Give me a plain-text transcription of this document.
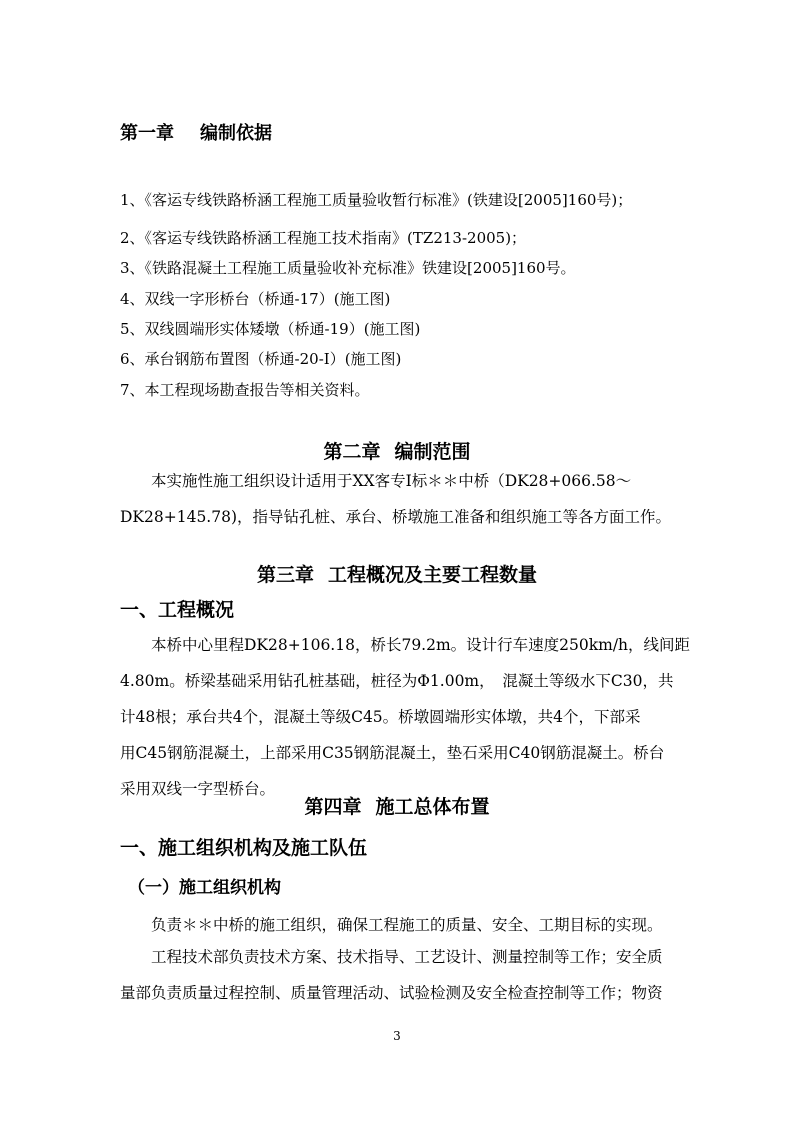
第一章 编制依据

1、《客运专线铁路桥涵工程施工质量验收暂行标准》(铁建设[2005]160号)；

2、《客运专线铁路桥涵工程施工技术指南》(TZ213-2005)；

3、《铁路混凝土工程施工质量验收补充标准》铁建设[2005]160号。

4、双线一字形桥台（桥通-17）(施工图)

5、双线圆端形实体矮墩（桥通-19）(施工图)

6、承台钢筋布置图（桥通-20-I）(施工图)

7、本工程现场勘查报告等相关资料。

第二章 编制范围
　　本实施性施工组织设计适用于XX客专I标＊＊中桥（DK28+066.58～
DK28+145.78)，指导钻孔桩、承台、桥墩施工准备和组织施工等各方面工作。
第三章 工程概况及主要工程数量
一、工程概况
　　本桥中心里程DK28+106.18，桥长79.2m。设计行车速度250km/h，线间距
4.80m。桥梁基础采用钻孔桩基础，桩径为Φ1.00m，　混凝土等级水下C30，共
计48根；承台共4个，混凝土等级C45。桥墩圆端形实体墩，共4个，下部采
用C45钢筋混凝土，上部采用C35钢筋混凝土，垫石采用C40钢筋混凝土。桥台
采用双线一字型桥台。
第四章 施工总体布置
一、施工组织机构及施工队伍
（一）施工组织机构
　　负责＊＊中桥的施工组织，确保工程施工的质量、安全、工期目标的实现。
　　工程技术部负责技术方案、技术指导、工艺设计、测量控制等工作；安全质
量部负责质量过程控制、质量管理活动、试验检测及安全检查控制等工作；物资
3
